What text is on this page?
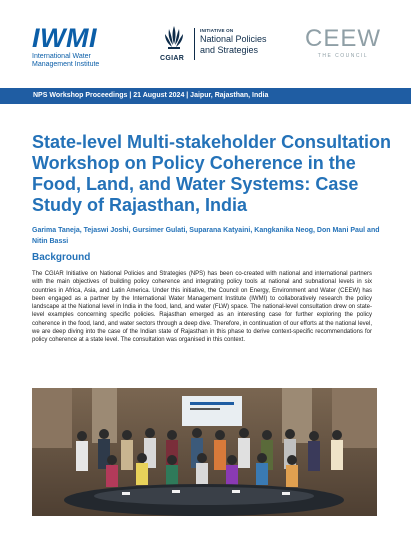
IWMI
International Water
Management Institute
CGIAR
INITIATIVE ON
National Policies
and Strategies	CEEW
THE COUNCIL
NPS Workshop Proceedings | 21 August 2024 | Jaipur, Rajasthan, India
State-level Multi-stakeholder Consultation Workshop on Policy Coherence in the Food, Land, and Water Systems: Case Study of Rajasthan, India
Garima Taneja, Tejaswi Joshi, Gursimer Gulati, Suparana Katyaini, Kangkanika Neog, Don Mani Paul and Nitin Bassi
Background
The CGIAR Initiative on National Policies and Strategies (NPS) has been co-created with national and international partners with the main objectives of building policy coherence and integrating policy tools at national and subnational levels in six countries in Africa, Asia, and Latin America. Under this initiative, the Council on Energy, Environment and Water (CEEW) has been engaged as a partner by the International Water Management Institute (IWMI) to collaboratively research the policy landscape at the National level in India in the food, land, and water (FLW) space. The national-level consultation drew on state-level examples concerning specific policies. Rajasthan emerged as an interesting case for further exploring the policy coherence in the food, land, and water sectors through a deep dive. Therefore, in continuation of our efforts at the national level, we are deep diving into the case of the Indian state of Rajasthan in this phase to derive context-specific recommendations for policy coherence at a state level. The consultation was organised in this context.
